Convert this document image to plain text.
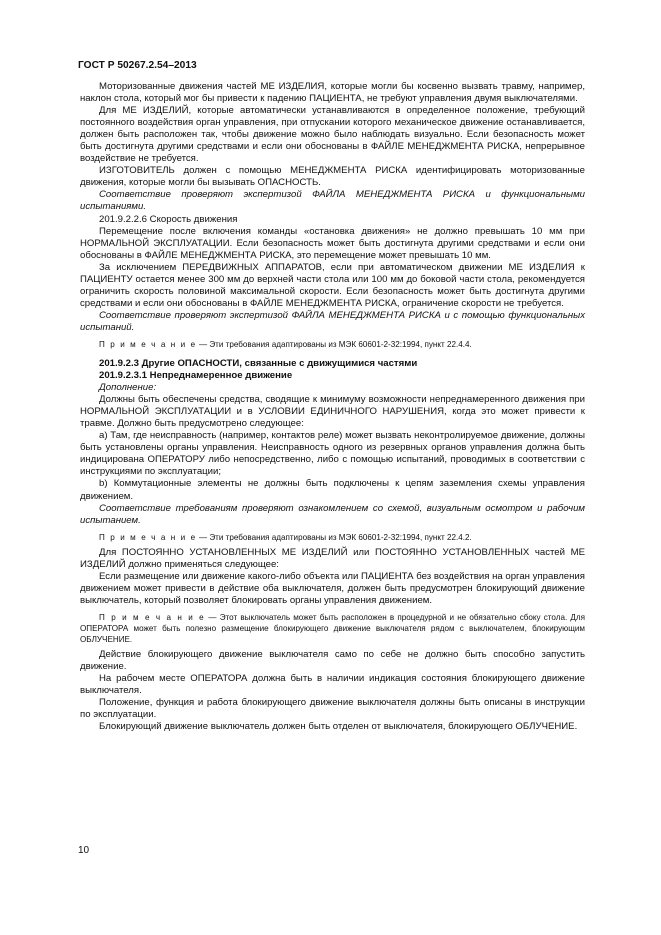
ГОСТ Р 50267.2.54–2013

Моторизованные движения частей МЕ ИЗДЕЛИЯ, которые могли бы косвенно вызвать травму, например, наклон стола, который мог бы привести к падению ПАЦИЕНТА, не требуют управления двумя выключателями.

Для МЕ ИЗДЕЛИЙ, которые автоматически устанавливаются в определенное положение, требующий постоянного воздействия орган управления, при отпускании которого механическое движение останавливается, должен быть расположен так, чтобы движение можно было наблюдать визуально. Если безопасность может быть достигнута другими средствами и если они обоснованы в ФАЙЛЕ МЕНЕДЖМЕНТА РИСКА, непрерывное воздействие не требуется.

ИЗГОТОВИТЕЛЬ должен с помощью МЕНЕДЖМЕНТА РИСКА идентифицировать моторизованные движения, которые могли бы вызывать ОПАСНОСТЬ.

Соответствие проверяют экспертизой ФАЙЛА МЕНЕДЖМЕНТА РИСКА и функциональными испытаниями.

201.9.2.2.6 Скорость движения

Перемещение после включения команды «остановка движения» не должно превышать 10 мм при НОРМАЛЬНОЙ ЭКСПЛУАТАЦИИ. Если безопасность может быть достигнута другими средствами и если они обоснованы в ФАЙЛЕ МЕНЕДЖМЕНТА РИСКА, это перемещение может превышать 10 мм.

За исключением ПЕРЕДВИЖНЫХ АППАРАТОВ, если при автоматическом движении МЕ ИЗДЕЛИЯ к ПАЦИЕНТУ остается менее 300 мм до верхней части стола или 100 мм до боковой части стола, рекомендуется ограничить скорость половиной максимальной скорости. Если безопасность может быть достигнута другими средствами и если они обоснованы в ФАЙЛЕ МЕНЕДЖМЕНТА РИСКА, ограничение скорости не требуется.

Соответствие проверяют экспертизой ФАЙЛА МЕНЕДЖМЕНТА РИСКА и с помощью функциональных испытаний.

П р и м е ч а н и е — Эти требования адаптированы из МЭК 60601-2-32:1994, пункт 22.4.4.

201.9.2.3 Другие ОПАСНОСТИ, связанные с движущимися частями

201.9.2.3.1 Непреднамеренное движение

Дополнение:

Должны быть обеспечены средства, сводящие к минимуму возможности непреднамеренного движения при НОРМАЛЬНОЙ ЭКСПЛУАТАЦИИ и в УСЛОВИИ ЕДИНИЧНОГО НАРУШЕНИЯ, когда это может привести к травме. Должно быть предусмотрено следующее:

a) Там, где неисправность (например, контактов реле) может вызвать неконтролируемое движение, должны быть установлены органы управления. Неисправность одного из резервных органов управления должна быть индицирована ОПЕРАТОРУ либо непосредственно, либо с помощью испытаний, проводимых в соответствии с инструкциями по эксплуатации;

b) Коммутационные элементы не должны быть подключены к цепям заземления схемы управления движением.

Соответствие требованиям проверяют ознакомлением со схемой, визуальным осмотром и рабочим испытанием.

П р и м е ч а н и е — Эти требования адаптированы из МЭК 60601-2-32:1994, пункт 22.4.2.

Для ПОСТОЯННО УСТАНОВЛЕННЫХ МЕ ИЗДЕЛИЙ или ПОСТОЯННО УСТАНОВЛЕННЫХ частей МЕ ИЗДЕЛИЙ должно применяться следующее:

Если размещение или движение какого-либо объекта или ПАЦИЕНТА без воздействия на орган управления движением может привести в действие оба выключателя, должен быть предусмотрен блокирующий движение выключатель, который позволяет блокировать органы управления движением.

П р и м е ч а н и е — Этот выключатель может быть расположен в процедурной и не обязательно сбоку стола. Для ОПЕРАТОРА может быть полезно размещение блокирующего движение выключателя рядом с выключателем, блокирующим ОБЛУЧЕНИЕ.

Действие блокирующего движение выключателя само по себе не должно быть способно запустить движение.

На рабочем месте ОПЕРАТОРА должна быть в наличии индикация состояния блокирующего движение выключателя.

Положение, функция и работа блокирующего движение выключателя должны быть описаны в инструкции по эксплуатации.

Блокирующий движение выключатель должен быть отделен от выключателя, блокирующего ОБЛУЧЕНИЕ.

10
